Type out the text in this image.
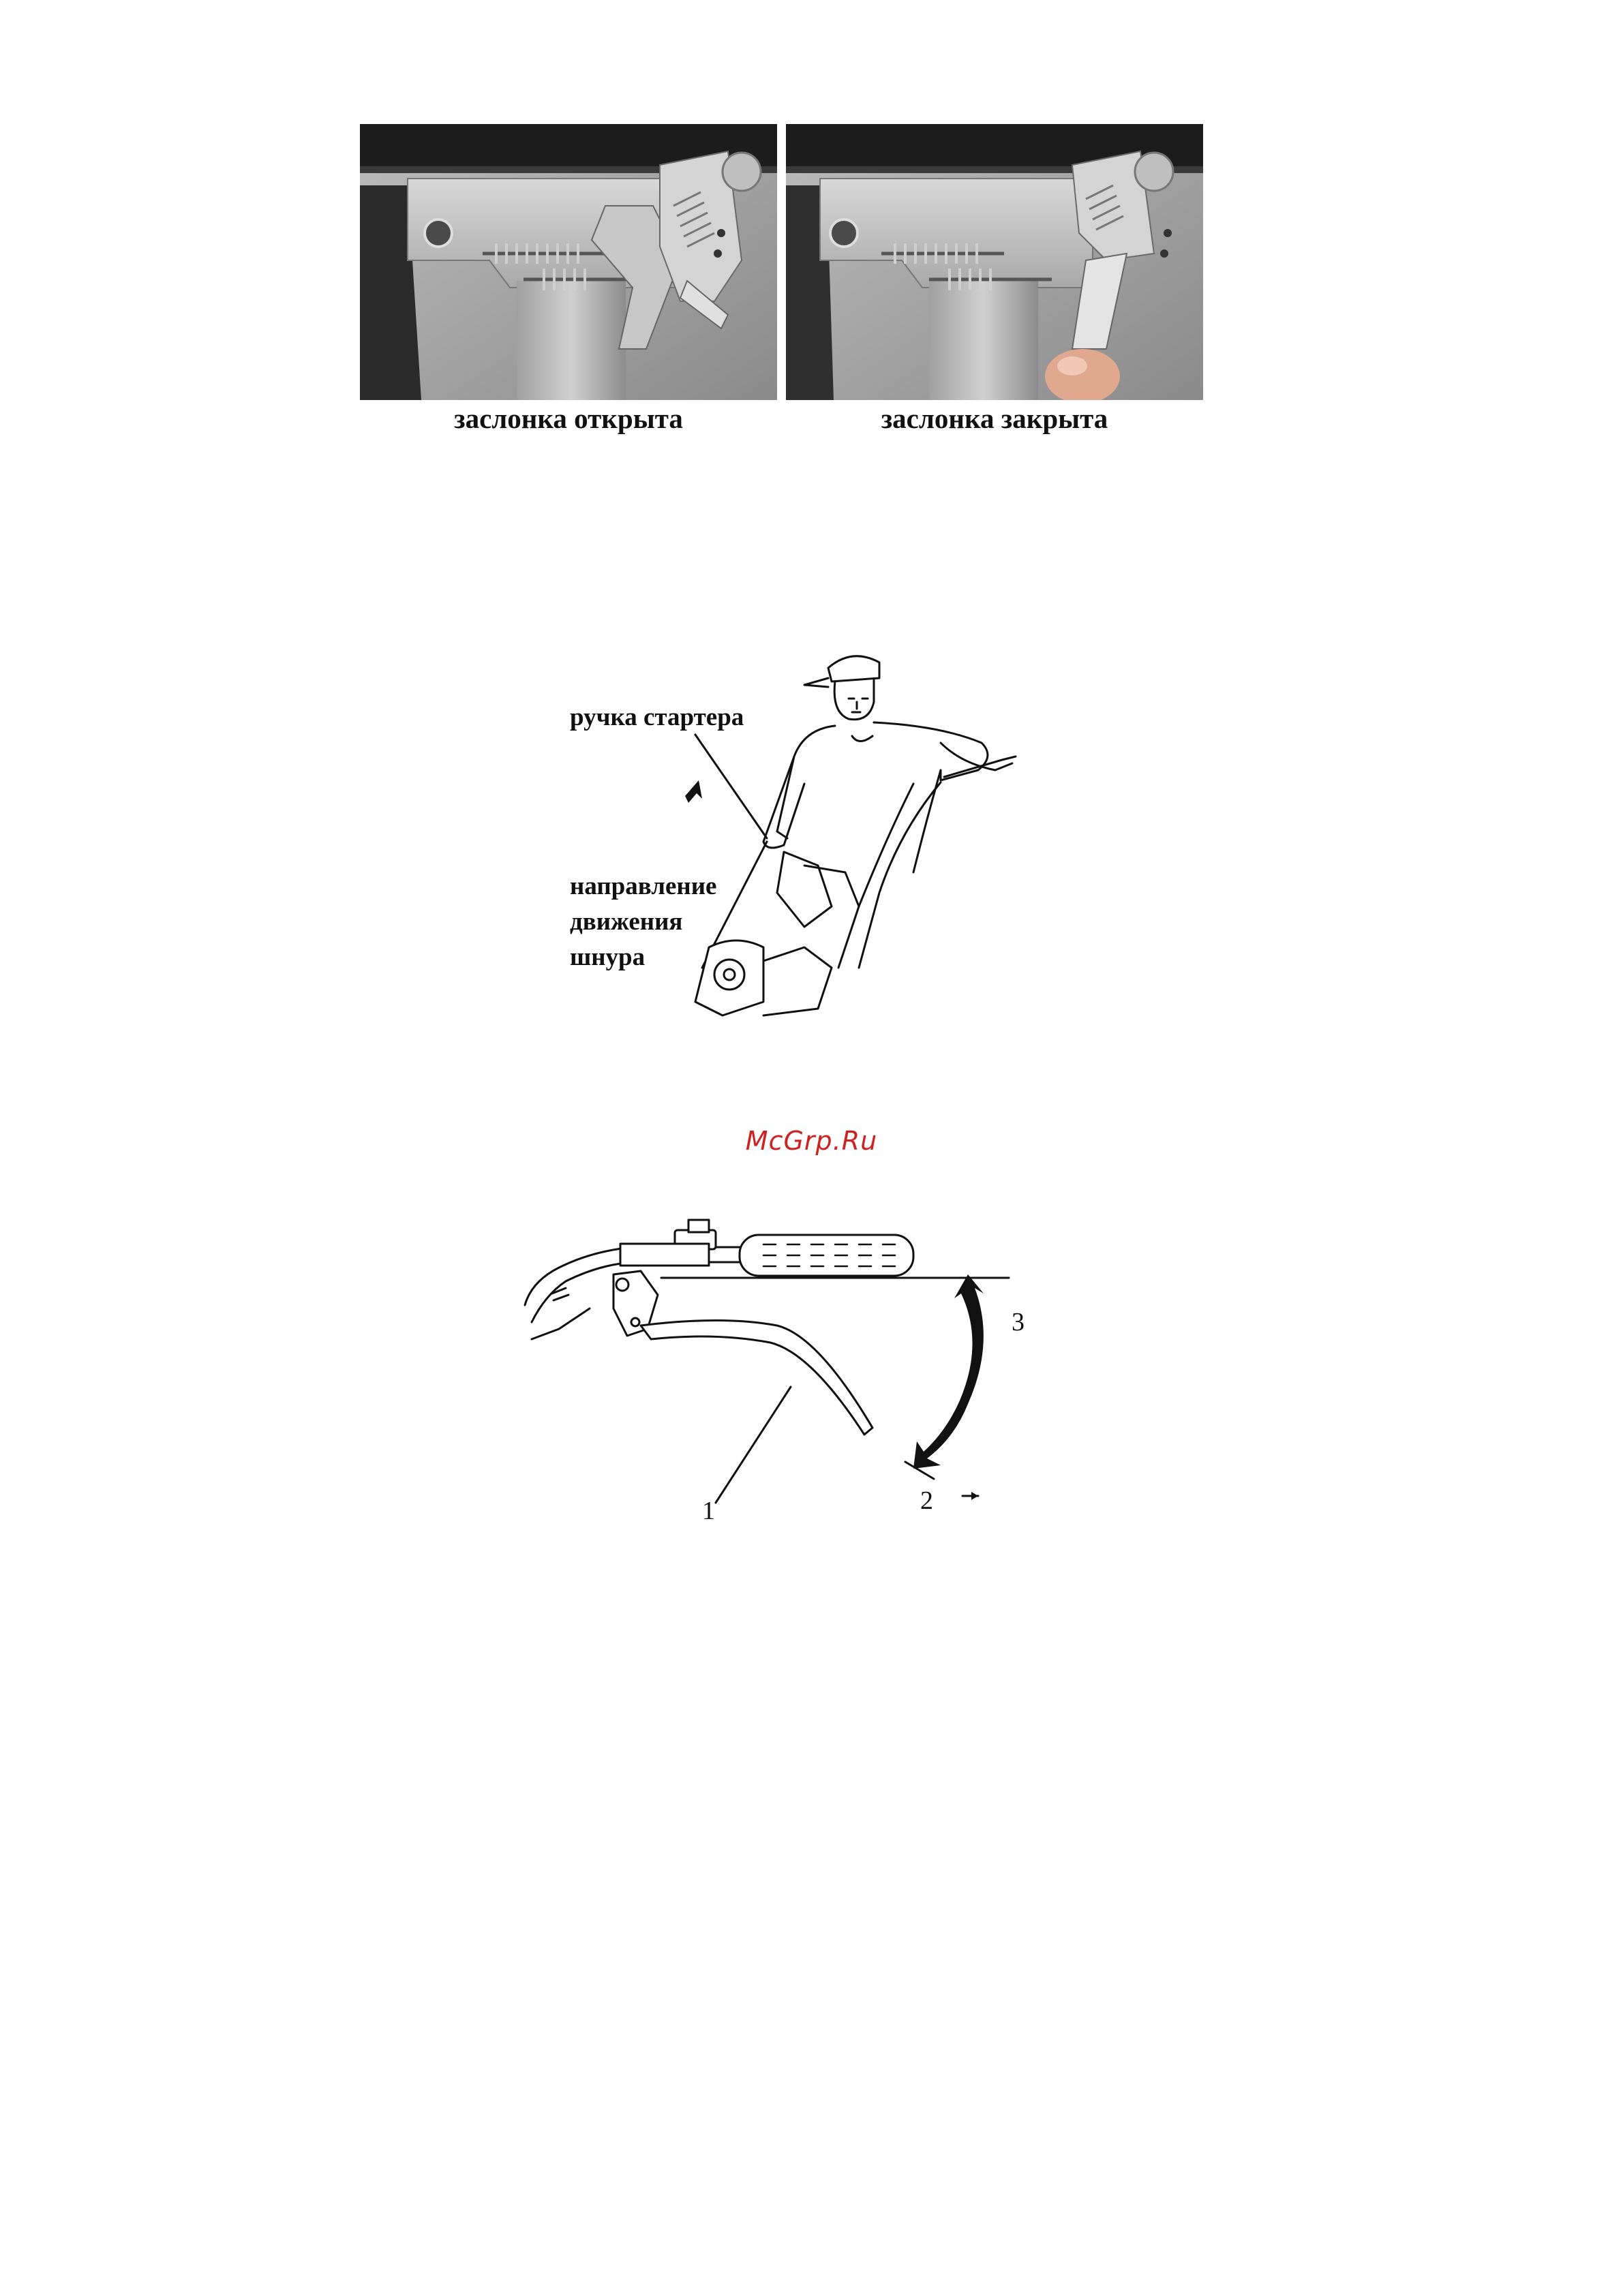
заслонка открыта	заслонка закрыта
ручка стартера
направление
движения
шнура
McGrp.Ru
1	2
3
